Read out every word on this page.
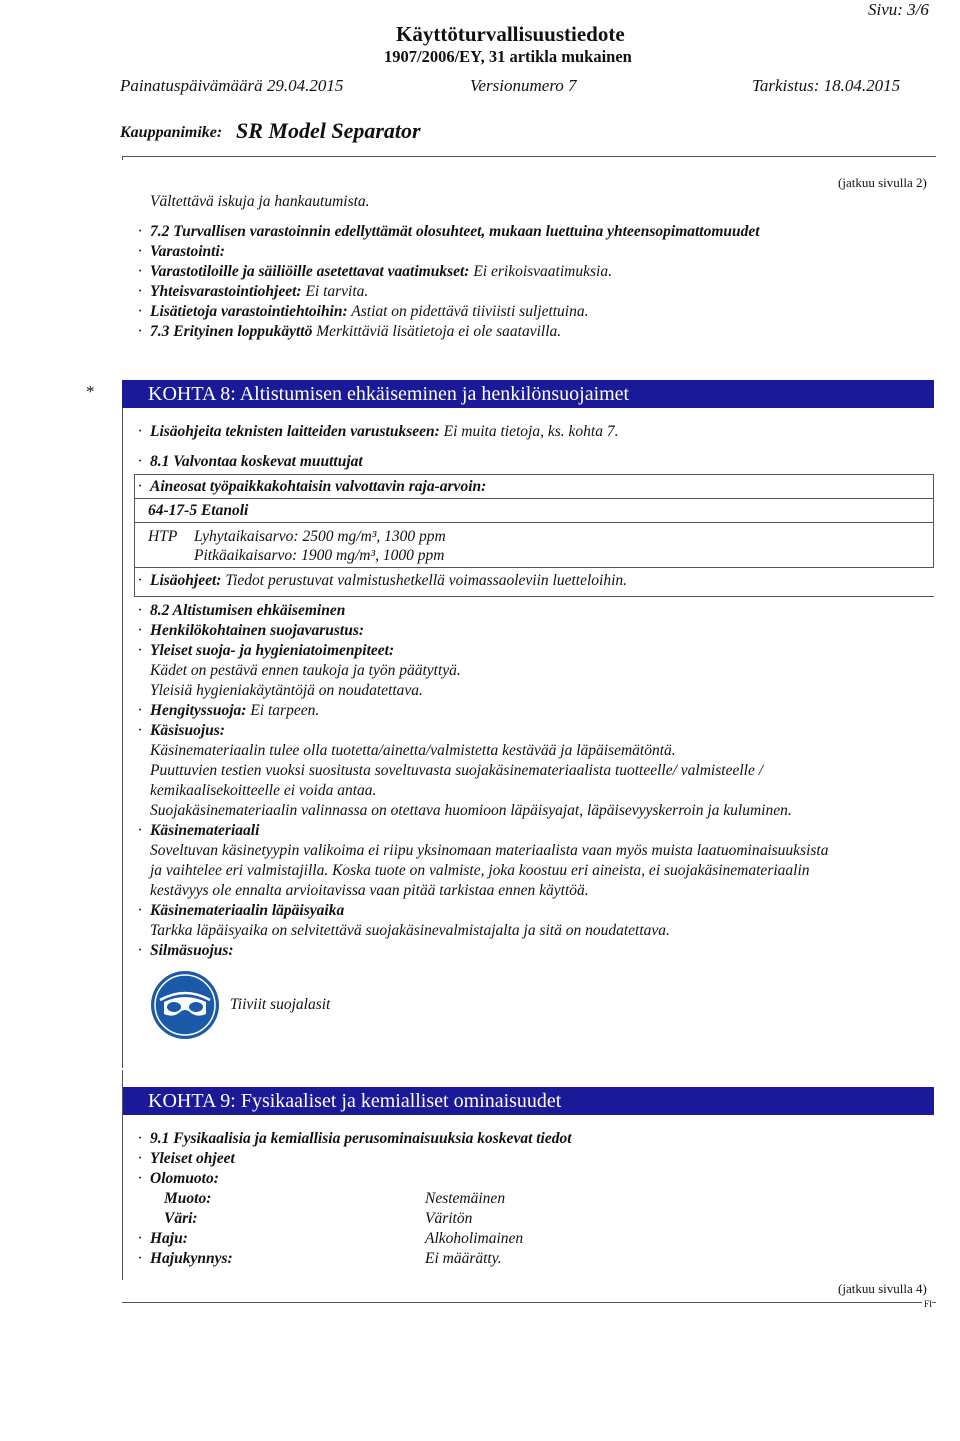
Sivu: 3/6
Käyttöturvallisuustiedote
1907/2006/EY, 31 artikla mukainen
Painatuspäivämäärä 29.04.2015	Versionumero 7	Tarkistus: 18.04.2015
Kauppanimike: SR Model Separator
(jatkuu sivulla 2)
Vältettävä iskuja ja hankautumista.
· 7.2 Turvallisen varastoinnin edellyttämät olosuhteet, mukaan luettuina yhteensopimattomuudet
· Varastointi:
· Varastotiloille ja säiliöille asetettavat vaatimukset: Ei erikoisvaatimuksia.
· Yhteisvarastointiohjeet: Ei tarvita.
· Lisätietoja varastointiehtoihin: Astiat on pidettävä tiiviisti suljettuina.
· 7.3 Erityinen loppukäyttö Merkittäviä lisätietoja ei ole saatavilla.
*	KOHTA 8: Altistumisen ehkäiseminen ja henkilönsuojaimet
· Lisäohjeita teknisten laitteiden varustukseen: Ei muita tietoja, ks. kohta 7.
· 8.1 Valvontaa koskevat muuttujat
· Aineosat työpaikkakohtaisin valvottavin raja-arvoin:
64-17-5 Etanoli
HTP Lyhytaikaisarvo: 2500 mg/m³, 1300 ppm
Pitkäaikaisarvo: 1900 mg/m³, 1000 ppm
· Lisäohjeet: Tiedot perustuvat valmistushetkellä voimassaoleviin luetteloihin.
· 8.2 Altistumisen ehkäiseminen
· Henkilökohtainen suojavarustus:
· Yleiset suoja- ja hygieniatoimenpiteet:
Kädet on pestävä ennen taukoja ja työn päätyttyä.
Yleisiä hygieniakäytäntöjä on noudatettava.
· Hengityssuoja: Ei tarpeen.
· Käsisuojus:
Käsinemateriaalin tulee olla tuotetta/ainetta/valmistetta kestävää ja läpäisemätöntä.
Puuttuvien testien vuoksi suositusta soveltuvasta suojakäsinemateriaalista tuotteelle/ valmisteelle /
kemikaalisekoitteelle ei voida antaa.
Suojakäsinemateriaalin valinnassa on otettava huomioon läpäisyajat, läpäisevyyskerroin ja kuluminen.
· Käsinemateriaali
Soveltuvan käsinetyypin valikoima ei riipu yksinomaan materiaalista vaan myös muista laatuominaisuuksista
ja vaihtelee eri valmistajilla. Koska tuote on valmiste, joka koostuu eri aineista, ei suojakäsinemateriaalin
kestävyys ole ennalta arvioitavissa vaan pitää tarkistaa ennen käyttöä.
· Käsinemateriaalin läpäisyaika
Tarkka läpäisyaika on selvitettävä suojakäsinevalmistajalta ja sitä on noudatettava.
· Silmäsuojus:
Tiiviit suojalasit
KOHTA 9: Fysikaaliset ja kemialliset ominaisuudet
· 9.1 Fysikaalisia ja kemiallisia perusominaisuuksia koskevat tiedot
· Yleiset ohjeet
· Olomuoto:
Muoto:	Nestemäinen
Väri:	Väritön
· Haju:	Alkoholimainen
· Hajukynnys:	Ei määrätty.
(jatkuu sivulla 4)
FI
